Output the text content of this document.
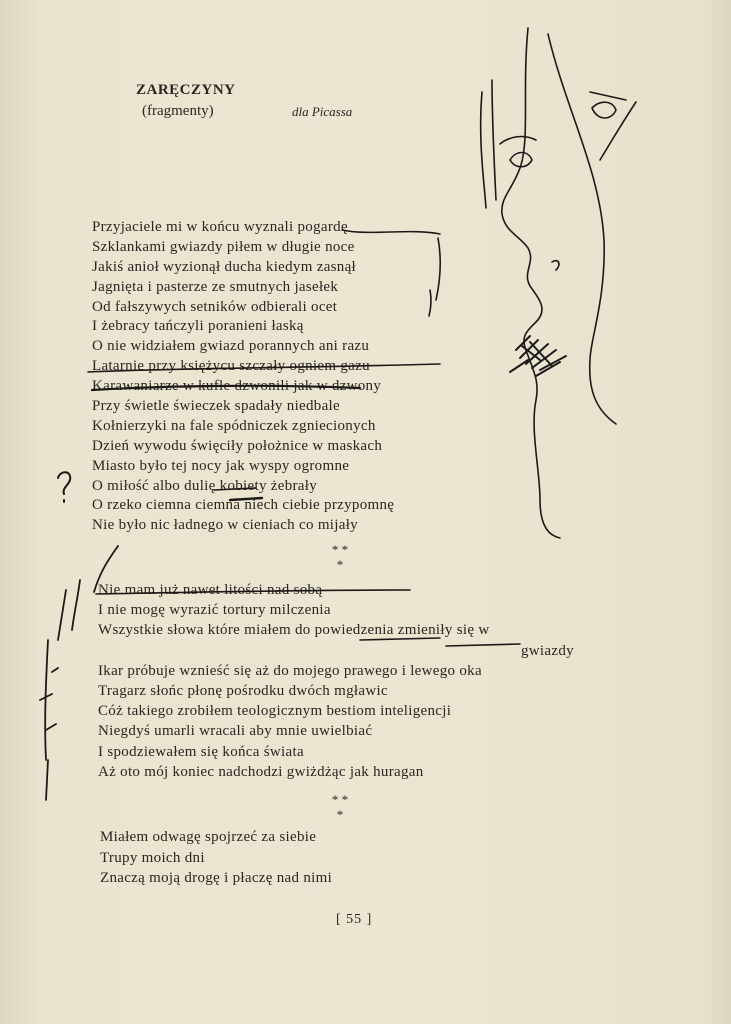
ZARĘCZYNY
(fragmenty)	dla Picassa
Przyjaciele mi w końcu wyznali pogardę
Szklankami gwiazdy piłem w długie noce
Jakiś anioł wyzionął ducha kiedym zasnął
Jagnięta i pasterze ze smutnych jasełek
Od fałszywych setników odbierali ocet
I żebracy tańczyli poranieni łaską
O nie widziałem gwiazd porannych ani razu
Latarnie przy księżycu szczały ogniem gazu
Karawaniarze w kufle dzwonili jak w dzwony
Przy świetle świeczek spadały niedbale
Kołnierzyki na fale spódniczek zgniecionych
Dzień wywodu święciły położnice w maskach
Miasto było tej nocy jak wyspy ogromne
O miłość albo dulię kobiety żebrały
O rzeko ciemna ciemna niech ciebie przypomnę
Nie było nic ładnego w cieniach co mijały
* *
*
Nie mam już nawet litości nad sobą
I nie mogę wyrazić tortury milczenia
Wszystkie słowa które miałem do powiedzenia zmieniły się w
gwiazdy
Ikar próbuje wznieść się aż do mojego prawego i lewego oka
Tragarz słońc płonę pośrodku dwóch mgławic
Cóż takiego zrobiłem teologicznym bestiom inteligencji
Niegdyś umarli wracali aby mnie uwielbiać
I spodziewałem się końca świata
Aż oto mój koniec nadchodzi gwiżdżąc jak huragan
* *
*
Miałem odwagę spojrzeć za siebie
Trupy moich dni
Znaczą moją drogę i płaczę nad nimi
[ 55 ]
